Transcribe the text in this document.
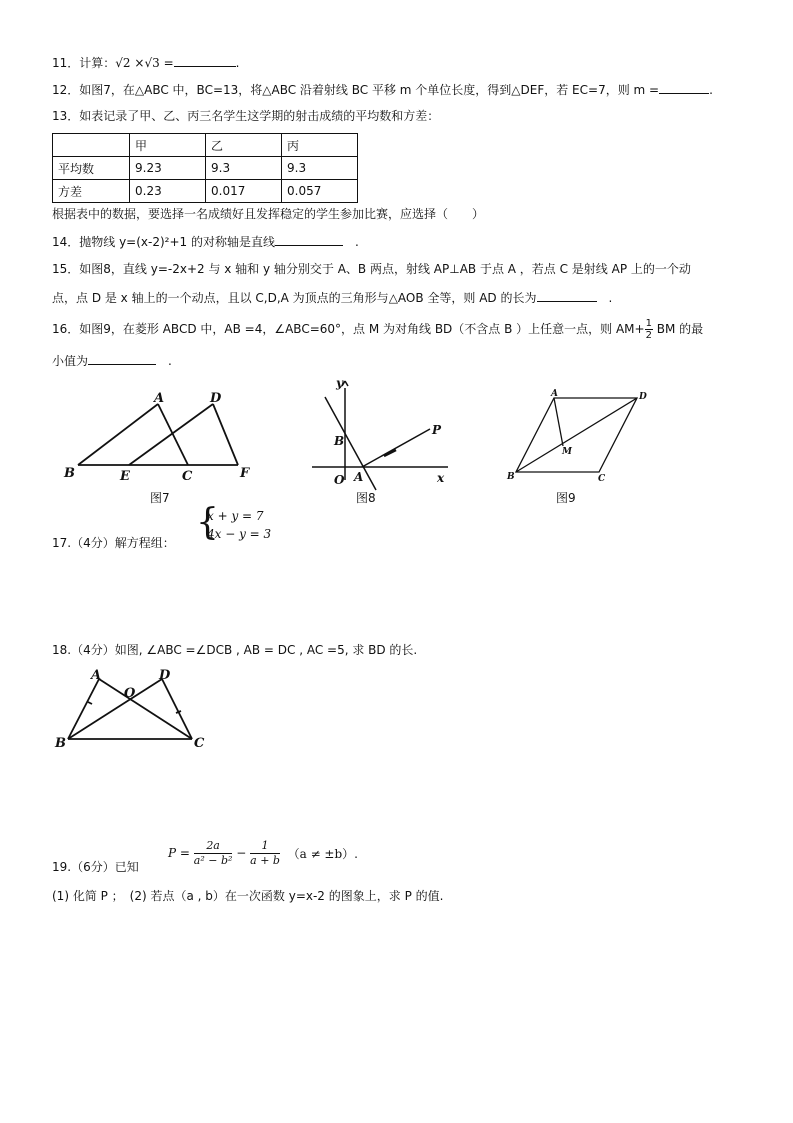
11．计算：√2 ×√3 =	.
12．如图7，在△ABC 中，BC=13，将△ABC 沿着射线 BC 平移 m 个单位长度，得到△DEF，若 EC=7，则 m =	.
13．如表记录了甲、乙、丙三名学生这学期的射击成绩的平均数和方差：
	甲	乙	丙
平均数	9.23	9.3	9.3
方差	0.23	0.017	0.057
根据表中的数据，要选择一名成绩好且发挥稳定的学生参加比赛，应选择（　　）
14．抛物线 y=(x-2)²+1 的对称轴是直线　	.
15．如图8，直线 y=-2x+2 与 x 轴和 y 轴分别交于 A、B 两点，射线 AP⊥AB 于点 A ，若点 C 是射线 AP 上的一个动
点，点 D 是 x 轴上的一个动点，且以 C,D,A 为顶点的三角形与△AOB 全等，则 AD 的长为　	.
16．如图9，在菱形 ABCD 中，AB =4，∠ABC=60°，点 M 为对角线 BD（不含点 B ）上任意一点，则 $AM+ \frac{1}{2}$ BM 的最
小值为　	.
A	D
B	E	C	F
图7
y
x
O A
B
P
图8
A	D
M
B	C
图9
17.（4分）解方程组： {
x + y = 7
4x − y = 3
18.（4分）如图, ∠ABC =∠DCB , AB = DC , AC =5, 求 BD 的长.
A
O
D
B	C
19.（6分）已知
P =
$\frac{2a}{\text{a² − b²}}$
−
$\frac{1}{a + b}$
（a ≠ ±b）.
(1) 化简 P ；　(2) 若点（a , b）在一次函数 y=x-2 的图象上，求 P 的值.
